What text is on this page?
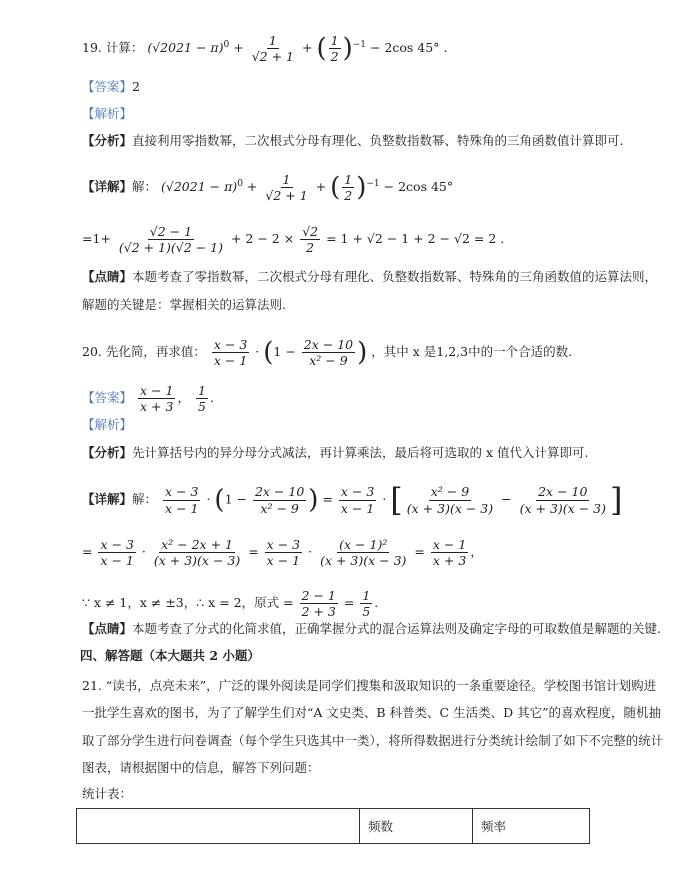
19. 计算： $(√2021 - \pi)^0 + \frac{1}{√2 + 1}$ + ( $\frac{1}{2} )^{-1} - 2\cos$ 45° .
【答案】2
【解析】
【分析】直接利用零指数幂，二次根式分母有理化、负整数指数幂、特殊角的三角函数值计算即可.
【详解】解： $(√2021 - \pi)^0 + \frac{1}{√2 + 1}$ + ( $\frac{1}{2} )^{-1} - 2\cos$ 45°
$=1+ \frac{√2 - 1}{(√2 + 1)(√2 - 1)} + 2 - 2 \times \frac{√2}{2} = 1 + √2 - 1 + 2 - √2 = 2$ .
【点睛】本题考查了零指数幂，二次根式分母有理化、负整数指数幂、特殊角的三角函数值的运算法则，
解题的关键是：掌握相关的运算法则.
20. 先化简，再求值： $\frac{x - 3}{x - 1} \cdot (1 - \frac{2x - 10}{\text{x² − 9}}$ ) ，其中 x 是1,2,3中的一个合适的数.
【答案】 $\frac{x - 1}{x + 3}$ ， $\frac{1}{5}$ .
【解析】
【分析】先计算括号内的异分母分式减法，再计算乘法，最后将可选取的 x 值代入计算即可.
【详解】解： $\frac{x - 3}{x - 1} \cdot (1 - \frac{2x - 10}{\text{x² − 9}}$ ) = $\frac{x - 3}{x - 1}$ · [ $\frac{\text{x² − 9}}{(x + 3)(x - 3)} - \frac{2x - 10}{(x + 3)(x - 3)}$ ]
= $\frac{x - 3}{x - 1} \cdot \frac{\text{x² − 2x + 1}}{(x + 3)(x - 3)} = \frac{x - 3}{x - 1} \cdot \frac{\text{(x − 1)²}}{(x + 3)(x - 3)} = \frac{x - 1}{x + 3}$ ，
∵ x ≠ 1，x ≠ ±3，∴ x = 2，原式 = $\frac{2 - 1}{2 + 3} = \frac{1}{5}$ .
【点睛】本题考查了分式的化简求值，正确掌握分式的混合运算法则及确定字母的可取数值是解题的关键.
四、解答题（本大题共 2 小题）
21. “读书，点亮未来”，广泛的课外阅读是同学们搜集和汲取知识的一条重要途径。学校图书馆计划购进
一批学生喜欢的图书，为了了解学生们对“A 文史类、B 科普类、C 生活类、D 其它”的喜欢程度，随机抽
取了部分学生进行问卷调查（每个学生只选其中一类），将所得数据进行分类统计绘制了如下不完整的统计
图表，请根据图中的信息，解答下列问题：
统计表：
	频数	频率
